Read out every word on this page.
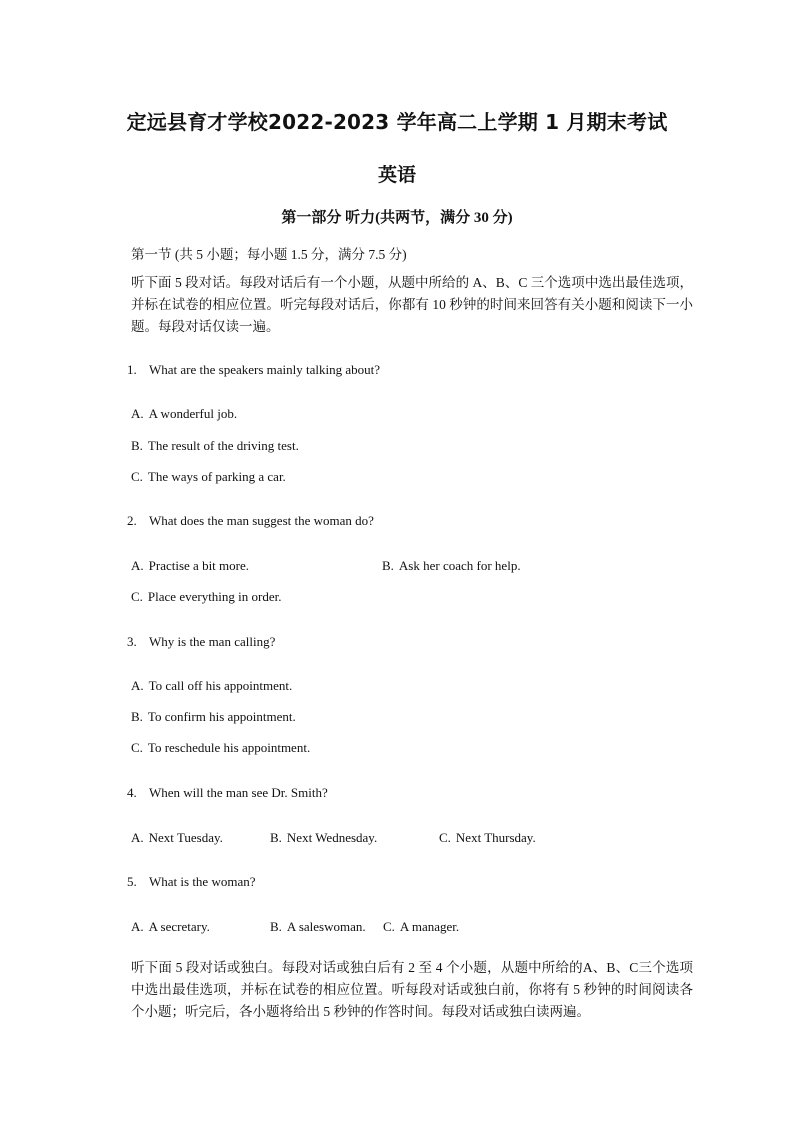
定远县育才学校2022-2023 学年高二上学期 1 月期末考试
英语
第一部分 听力(共两节，满分 30 分)
第一节 (共 5 小题；每小题 1.5 分，满分 7.5 分)
听下面 5 段对话。每段对话后有一个小题，从题中所给的 A、B、C 三个选项中选出最佳选项，并标在试卷的相应位置。听完每段对话后，你都有 10 秒钟的时间来回答有关小题和阅读下一小题。每段对话仅读一遍。
1. What are the speakers mainly talking about?
A. A wonderful job.
B. The result of the driving test.
C. The ways of parking a car.
2. What does the man suggest the woman do?
A. Practise a bit more.	B. Ask her coach for help.
C. Place everything in order.
3. Why is the man calling?
A. To call off his appointment.
B. To confirm his appointment.
C. To reschedule his appointment.
4. When will the man see Dr. Smith?
A. Next Tuesday.	B. Next Wednesday.	C. Next Thursday.
5. What is the woman?
A. A secretary.	B. A saleswoman. C. A manager.
听下面 5 段对话或独白。每段对话或独白后有 2 至 4 个小题，从题中所给的A、B、C三个选项中选出最佳选项，并标在试卷的相应位置。听每段对话或独白前，你将有 5 秒钟的时间阅读各个小题；听完后，各小题将给出 5 秒钟的作答时间。每段对话或独白读两遍。
